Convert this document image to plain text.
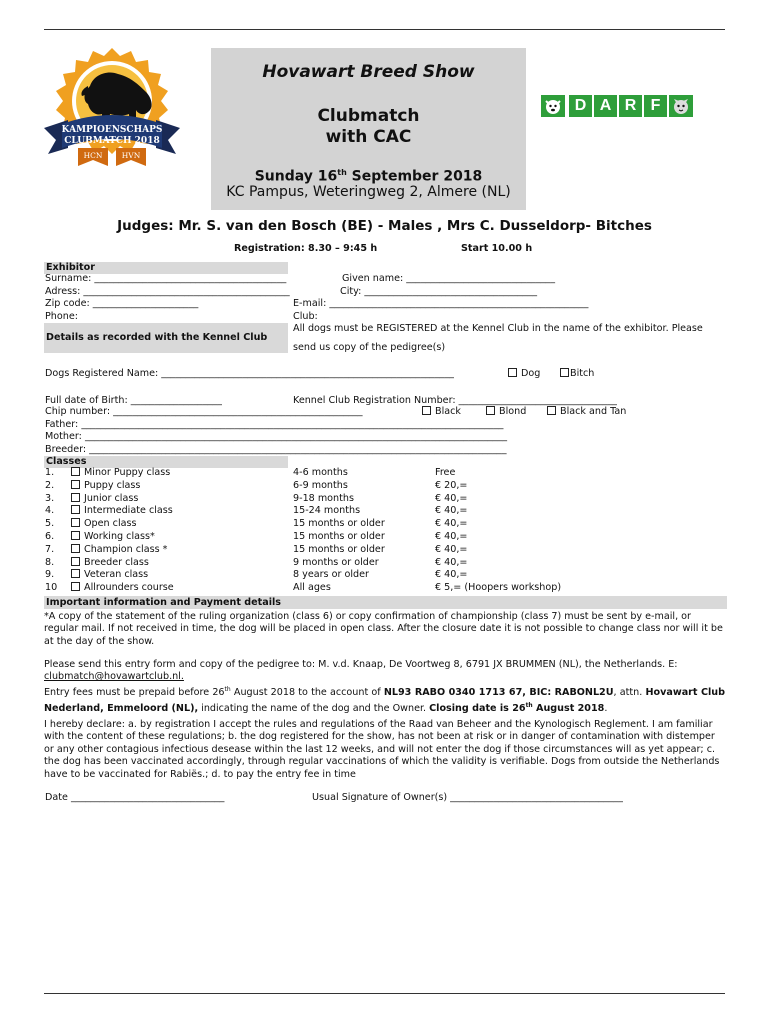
KAMPIOENSCHAPS
CLUBMATCH 2018
HCN	HVN
Hovawart Breed Show
Clubmatch
with CAC
Sunday 16th September 2018
KC Pampus, Weteringweg 2, Almere (NL)
D A R F
Judges: Mr. S. van den Bosch (BE) - Males , Mrs C. Dusseldorp- Bitches
Registration: 8.30 – 9:45 h	Start 10.00 h
Exhibitor
Surname: ________________________________________	Given name: _______________________________
Adress: ___________________________________________	City: ____________________________________
Zip code: ______________________	E-mail: ______________________________________________________
Phone:	Club:
Details as recorded with the Kennel Club
All dogs must be REGISTERED at the Kennel Club in the name of the exhibitor. Please
send us copy of the pedigree(s)
Dogs Registered Name: _____________________________________________________________	Dog	Bitch
Full date of Birth: ___________________	Kennel Club Registration Number: _________________________________
Chip number: ____________________________________________________	Black	Blond	Black and Tan
Father: ________________________________________________________________________________________
Mother: ________________________________________________________________________________________
Breeder: _______________________________________________________________________________________
Classes
1.	Minor Puppy class	4-6 months	Free
2.	Puppy class	6-9 months	€ 20,=
3.	Junior class	9-18 months	€ 40,=
4.	Intermediate class	15-24 months	€ 40,=
5.	Open class	15 months or older	€ 40,=
6.	Working class*	15 months or older	€ 40,=
7.	Champion class *	15 months or older	€ 40,=
8.	Breeder class	9 months or older	€ 40,=
9.	Veteran class	8 years or older	€ 40,=
10	Allrounders course	All ages	€ 5,= (Hoopers workshop)
Important information and Payment details
*A copy of the statement of the ruling organization (class 6) or copy confirmation of championship (class 7) must be sent by e-mail, or regular mail. If not received in time, the dog will be placed in open class. After the closure date it is not possible to change class nor will it be at the day of the show.
Please send this entry form and copy of the pedigree to: M. v.d. Knaap, De Voortweg 8, 6791 JX BRUMMEN (NL), the Netherlands. E:
clubmatch@hovawartclub.nl.
Entry fees must be prepaid before 26th August 2018 to the account of NL93 RABO 0340 1713 67, BIC: RABONL2U, attn. Hovawart Club Nederland, Emmeloord (NL), indicating the name of the dog and the Owner. Closing date is 26th August 2018.
I hereby declare: a. by registration I accept the rules and regulations of the Raad van Beheer and the Kynologisch Reglement. I am familiar with the content of these regulations; b. the dog registered for the show, has not been at risk or in danger of contamination with distemper or any other contagious infectious desease within the last 12 weeks, and will not enter the dog if those circumstances will as yet appear; c. the dog has been vaccinated accordingly, through regular vaccinations of which the validity is verifiable. Dogs from outside the Netherlands have to be vaccinated for Rabiës.; d. to pay the entry fee in time
Date ________________________________	Usual Signature of Owner(s) ____________________________________
